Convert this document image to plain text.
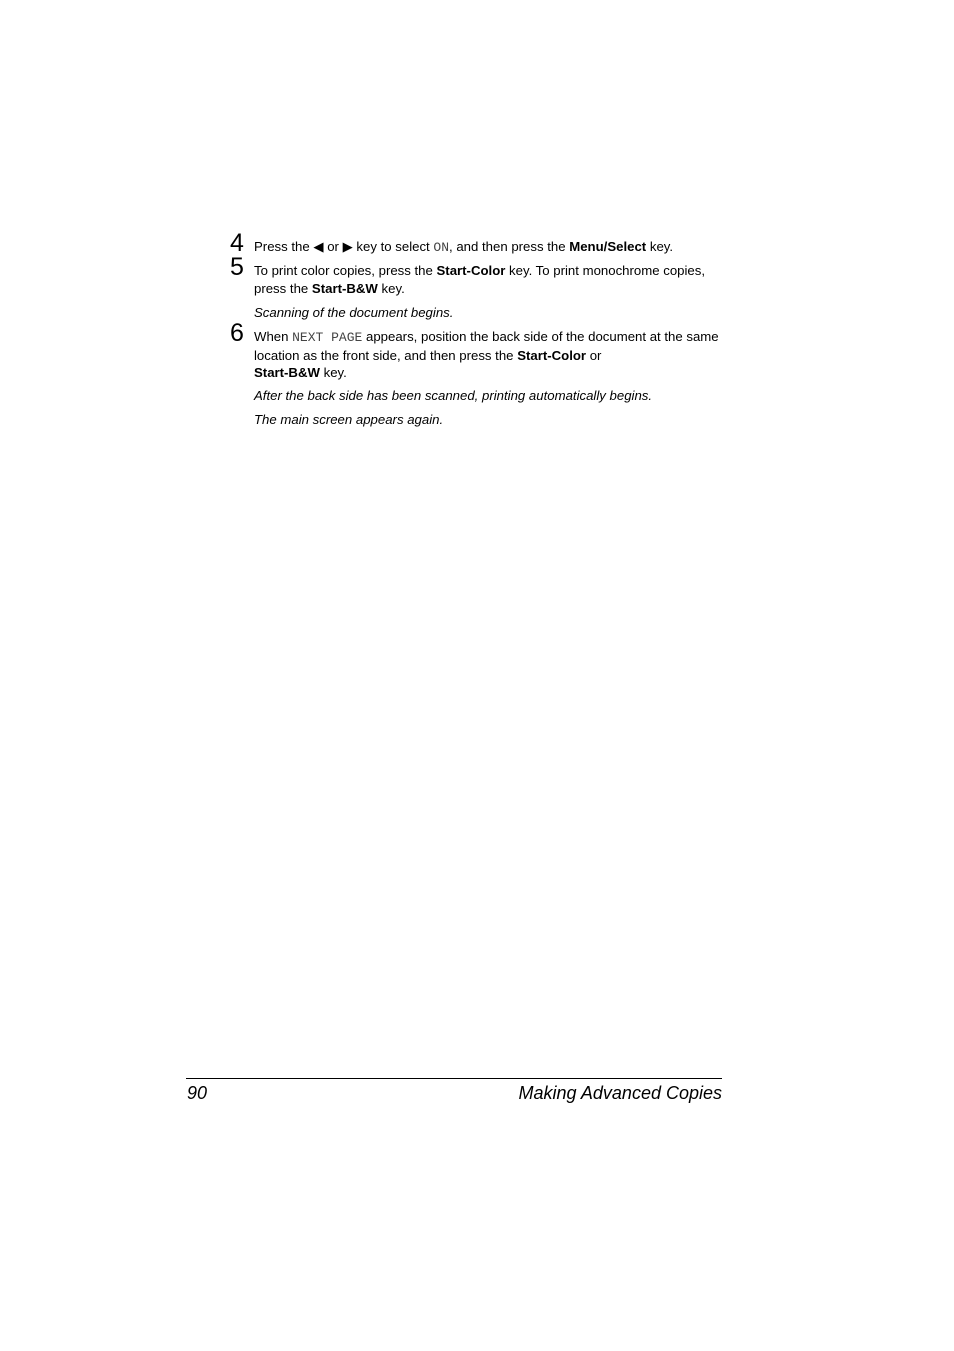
4 Press the ◀ or ▶ key to select ON, and then press the Menu/Select key.
5 To print color copies, press the Start-Color key. To print monochrome copies, press the Start-B&W key.
Scanning of the document begins.
6 When NEXT PAGE appears, position the back side of the document at the same location as the front side, and then press the Start-Color or
Start-B&W key.
After the back side has been scanned, printing automatically begins.
The main screen appears again.
90	Making Advanced Copies
